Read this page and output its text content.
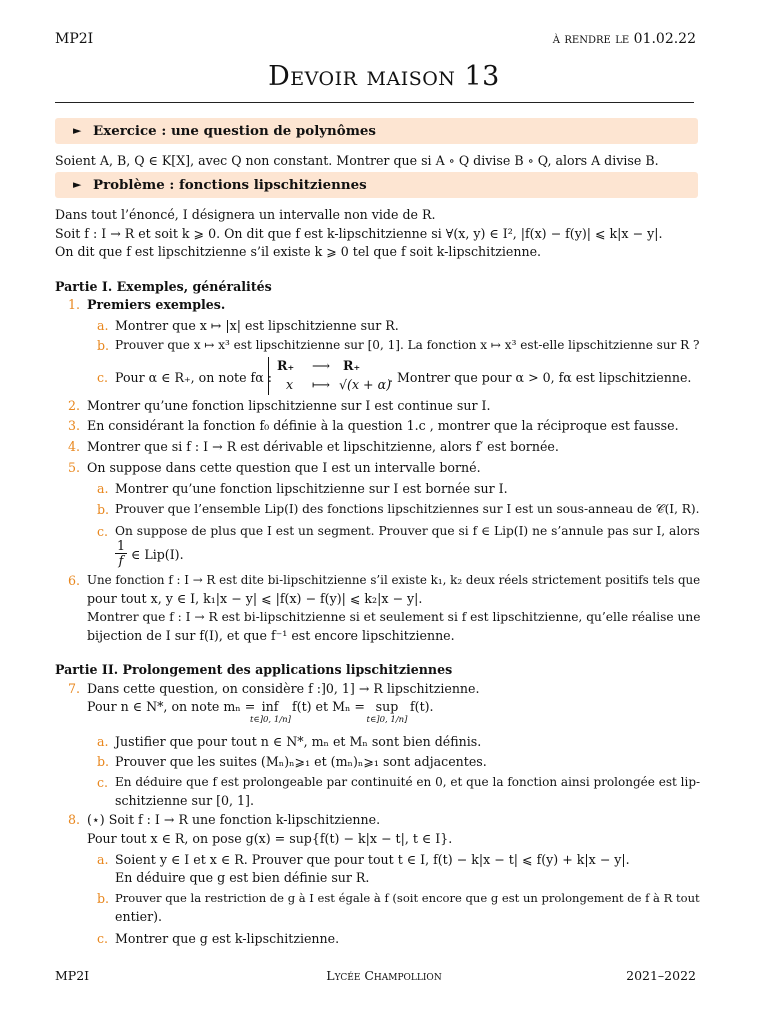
MP2I	à rendre le 01.02.22
Devoir maison 13
► Exercice : une question de polynômes
Soient A, B, Q ∈ K[X], avec Q non constant. Montrer que si A ∘ Q divise B ∘ Q, alors A divise B.
► Problème : fonctions lipschitziennes
Dans tout l’énoncé, I désignera un intervalle non vide de R.
Soit f : I → R et soit k ⩾ 0. On dit que f est k-lipschitzienne si ∀(x, y) ∈ I², |f(x) − f(y)| ⩽ k|x − y|.
On dit que f est lipschitzienne s’il existe k ⩾ 0 tel que f soit k-lipschitzienne.
Partie I. Exemples, généralités
1. Premiers exemples.
a. Montrer que x ↦ |x| est lipschitzienne sur R.
b. Prouver que x ↦ x³ est lipschitzienne sur [0, 1]. La fonction x ↦ x³ est-elle lipschitzienne sur R ?
c. Pour α ∈ R₊, on note fα :
R₊ ⟶ R₊
x ⟼ √(x + α)
. Montrer que pour α > 0, fα est lipschitzienne.
2. Montrer qu’une fonction lipschitzienne sur I est continue sur I.
3. En considérant la fonction f₀ définie à la question 1.c , montrer que la réciproque est fausse.
4. Montrer que si f : I → R est dérivable et lipschitzienne, alors f′ est bornée.
5. On suppose dans cette question que I est un intervalle borné.
a. Montrer qu’une fonction lipschitzienne sur I est bornée sur I.
b. Prouver que l’ensemble Lip(I) des fonctions lipschitziennes sur I est un sous-anneau de 𝒞(I, R).
c. On suppose de plus que I est un segment. Prouver que si f ∈ Lip(I) ne s’annule pas sur I, alors
$\frac{1}{f}$ ∈ Lip(I).
6. Une fonction f : I → R est dite bi-lipschitzienne s’il existe k₁, k₂ deux réels strictement positifs tels que
pour tout x, y ∈ I, k₁|x − y| ⩽ |f(x) − f(y)| ⩽ k₂|x − y|.
Montrer que f : I → R est bi-lipschitzienne si et seulement si f est lipschitzienne, qu’elle réalise une
bijection de I sur f(I), et que f⁻¹ est encore lipschitzienne.
Partie II. Prolongement des applications lipschitziennes
7. Dans cette question, on considère f :]0, 1] → R lipschitzienne.
Pour n ∈ N*, on note mₙ = inf
t∈]0, 1/n]
f(t) et Mₙ = sup
t∈]0, 1/n]
f(t).
a. Justifier que pour tout n ∈ N*, mₙ et Mₙ sont bien définis.
b. Prouver que les suites (Mₙ)ₙ⩾₁ et (mₙ)ₙ⩾₁ sont adjacentes.
c. En déduire que f est prolongeable par continuité en 0, et que la fonction ainsi prolongée est lip-
schitzienne sur [0, 1].
8. (⋆) Soit f : I → R une fonction k-lipschitzienne.
Pour tout x ∈ R, on pose g(x) = sup{f(t) − k|x − t|, t ∈ I}.
a. Soient y ∈ I et x ∈ R. Prouver que pour tout t ∈ I, f(t) − k|x − t| ⩽ f(y) + k|x − y|.
En déduire que g est bien définie sur R.
b. Prouver que la restriction de g à I est égale à f (soit encore que g est un prolongement de f à R tout
entier).
c. Montrer que g est k-lipschitzienne.
MP2I	Lycée Champollion	2021–2022
